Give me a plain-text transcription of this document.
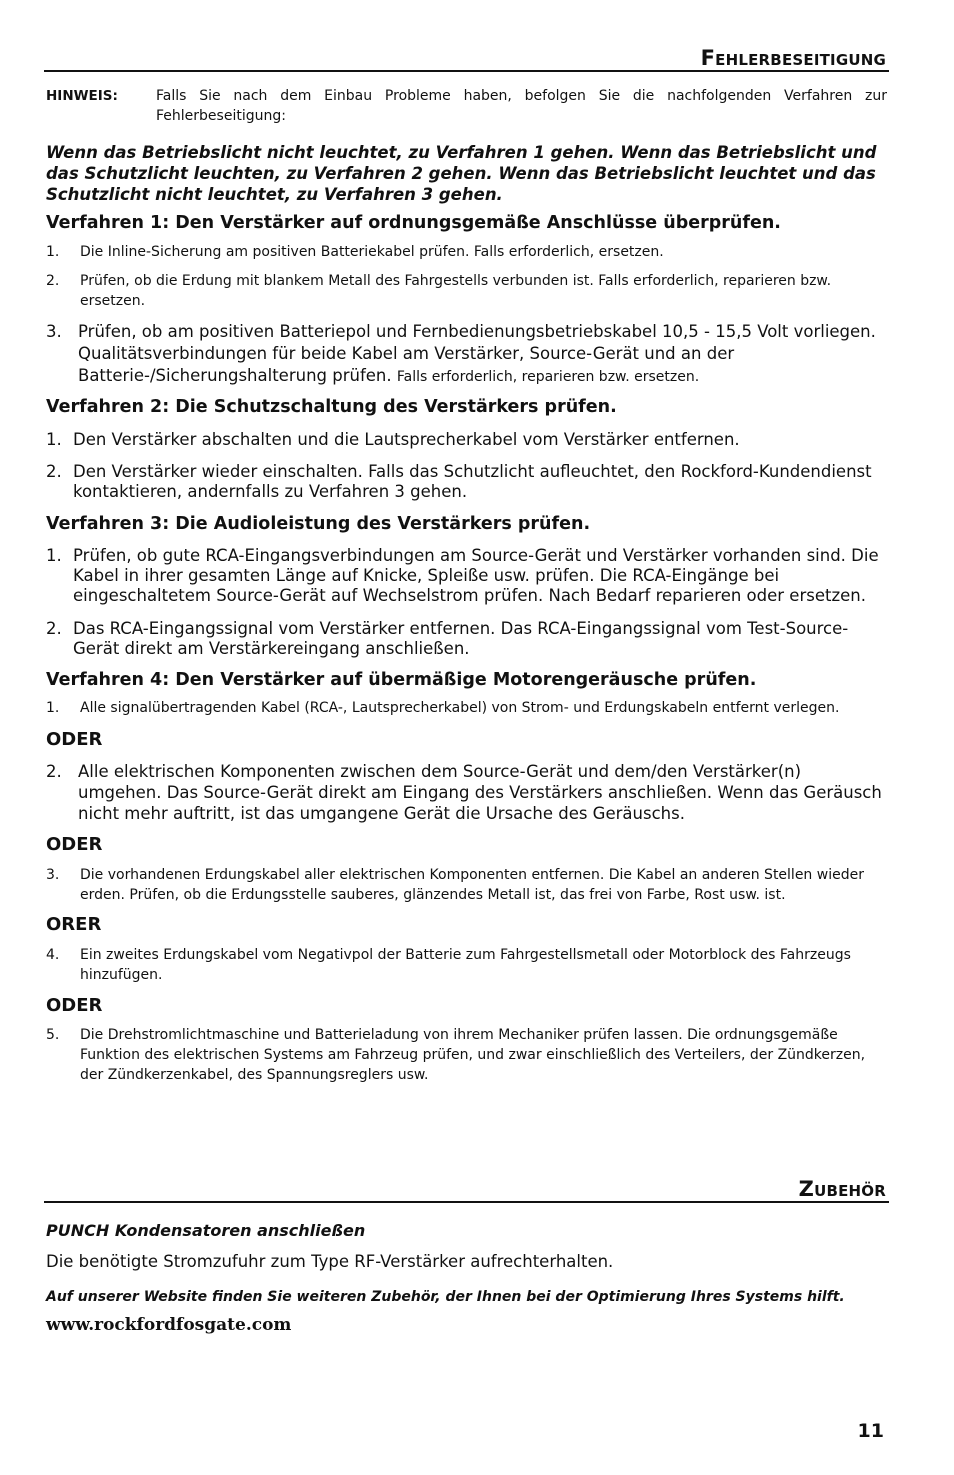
Fehlerbeseitigung
HINWEIS:	Falls Sie nach dem Einbau Probleme haben, befolgen Sie die nachfolgenden Verfahren zur Fehlerbeseitigung:
Wenn das Betriebslicht nicht leuchtet, zu Verfahren 1 gehen. Wenn das Betriebslicht und das Schutzlicht leuchten, zu Verfahren 2 gehen. Wenn das Betriebslicht leuchtet und das Schutzlicht nicht leuchtet, zu Verfahren 3 gehen.
Verfahren 1: Den Verstärker auf ordnungsgemäße Anschlüsse überprüfen.
1.	Die Inline-Sicherung am positiven Batteriekabel prüfen. Falls erforderlich, ersetzen.
2.	Prüfen, ob die Erdung mit blankem Metall des Fahrgestells verbunden ist. Falls erforderlich, reparieren bzw. ersetzen.
3. Prüfen, ob am positiven Batteriepol und Fernbedienungsbetriebskabel 10,5 - 15,5 Volt vorliegen. Qualitätsverbindungen für beide Kabel am Verstärker, Source-Gerät und an der Batterie-/Sicherungshalterung prüfen. Falls erforderlich, reparieren bzw. ersetzen.
Verfahren 2: Die Schutzschaltung des Verstärkers prüfen.
1. Den Verstärker abschalten und die Lautsprecherkabel vom Verstärker entfernen.
2. Den Verstärker wieder einschalten. Falls das Schutzlicht aufleuchtet, den Rockford-Kundendienst kontaktieren, andernfalls zu Verfahren 3 gehen.
Verfahren 3: Die Audioleistung des Verstärkers prüfen.
1. Prüfen, ob gute RCA-Eingangsverbindungen am Source-Gerät und Verstärker vorhanden sind. Die Kabel in ihrer gesamten Länge auf Knicke, Spleiße usw. prüfen. Die RCA-Eingänge bei eingeschaltetem Source-Gerät auf Wechselstrom prüfen. Nach Bedarf reparieren oder ersetzen.
2. Das RCA-Eingangssignal vom Verstärker entfernen. Das RCA-Eingangssignal vom Test-Source-Gerät direkt am Verstärkereingang anschließen.
Verfahren 4: Den Verstärker auf übermäßige Motorengeräusche prüfen.
1.	Alle signalübertragenden Kabel (RCA-, Lautsprecherkabel) von Strom- und Erdungskabeln entfernt verlegen.
ODER
2. Alle elektrischen Komponenten zwischen dem Source-Gerät und dem/den Verstärker(n) umgehen. Das Source-Gerät direkt am Eingang des Verstärkers anschließen. Wenn das Geräusch nicht mehr auftritt, ist das umgangene Gerät die Ursache des Geräuschs.
ODER
3.	Die vorhandenen Erdungskabel aller elektrischen Komponenten entfernen. Die Kabel an anderen Stellen wieder erden. Prüfen, ob die Erdungsstelle sauberes, glänzendes Metall ist, das frei von Farbe, Rost usw. ist.
ORER
4.	Ein zweites Erdungskabel vom Negativpol der Batterie zum Fahrgestellsmetall oder Motorblock des Fahrzeugs hinzufügen.
ODER
5.	Die Drehstromlichtmaschine und Batterieladung von ihrem Mechaniker prüfen lassen. Die ordnungsgemäße Funktion des elektrischen Systems am Fahrzeug prüfen, und zwar einschließlich des Verteilers, der Zündkerzen, der Zündkerzenkabel, des Spannungsreglers usw.
Zubehör
PUNCH Kondensatoren anschließen
Die benötigte Stromzufuhr zum Type RF-Verstärker aufrechterhalten.
Auf unserer Website finden Sie weiteren Zubehör, der Ihnen bei der Optimierung Ihres Systems hilft.
www.rockfordfosgate.com
11
